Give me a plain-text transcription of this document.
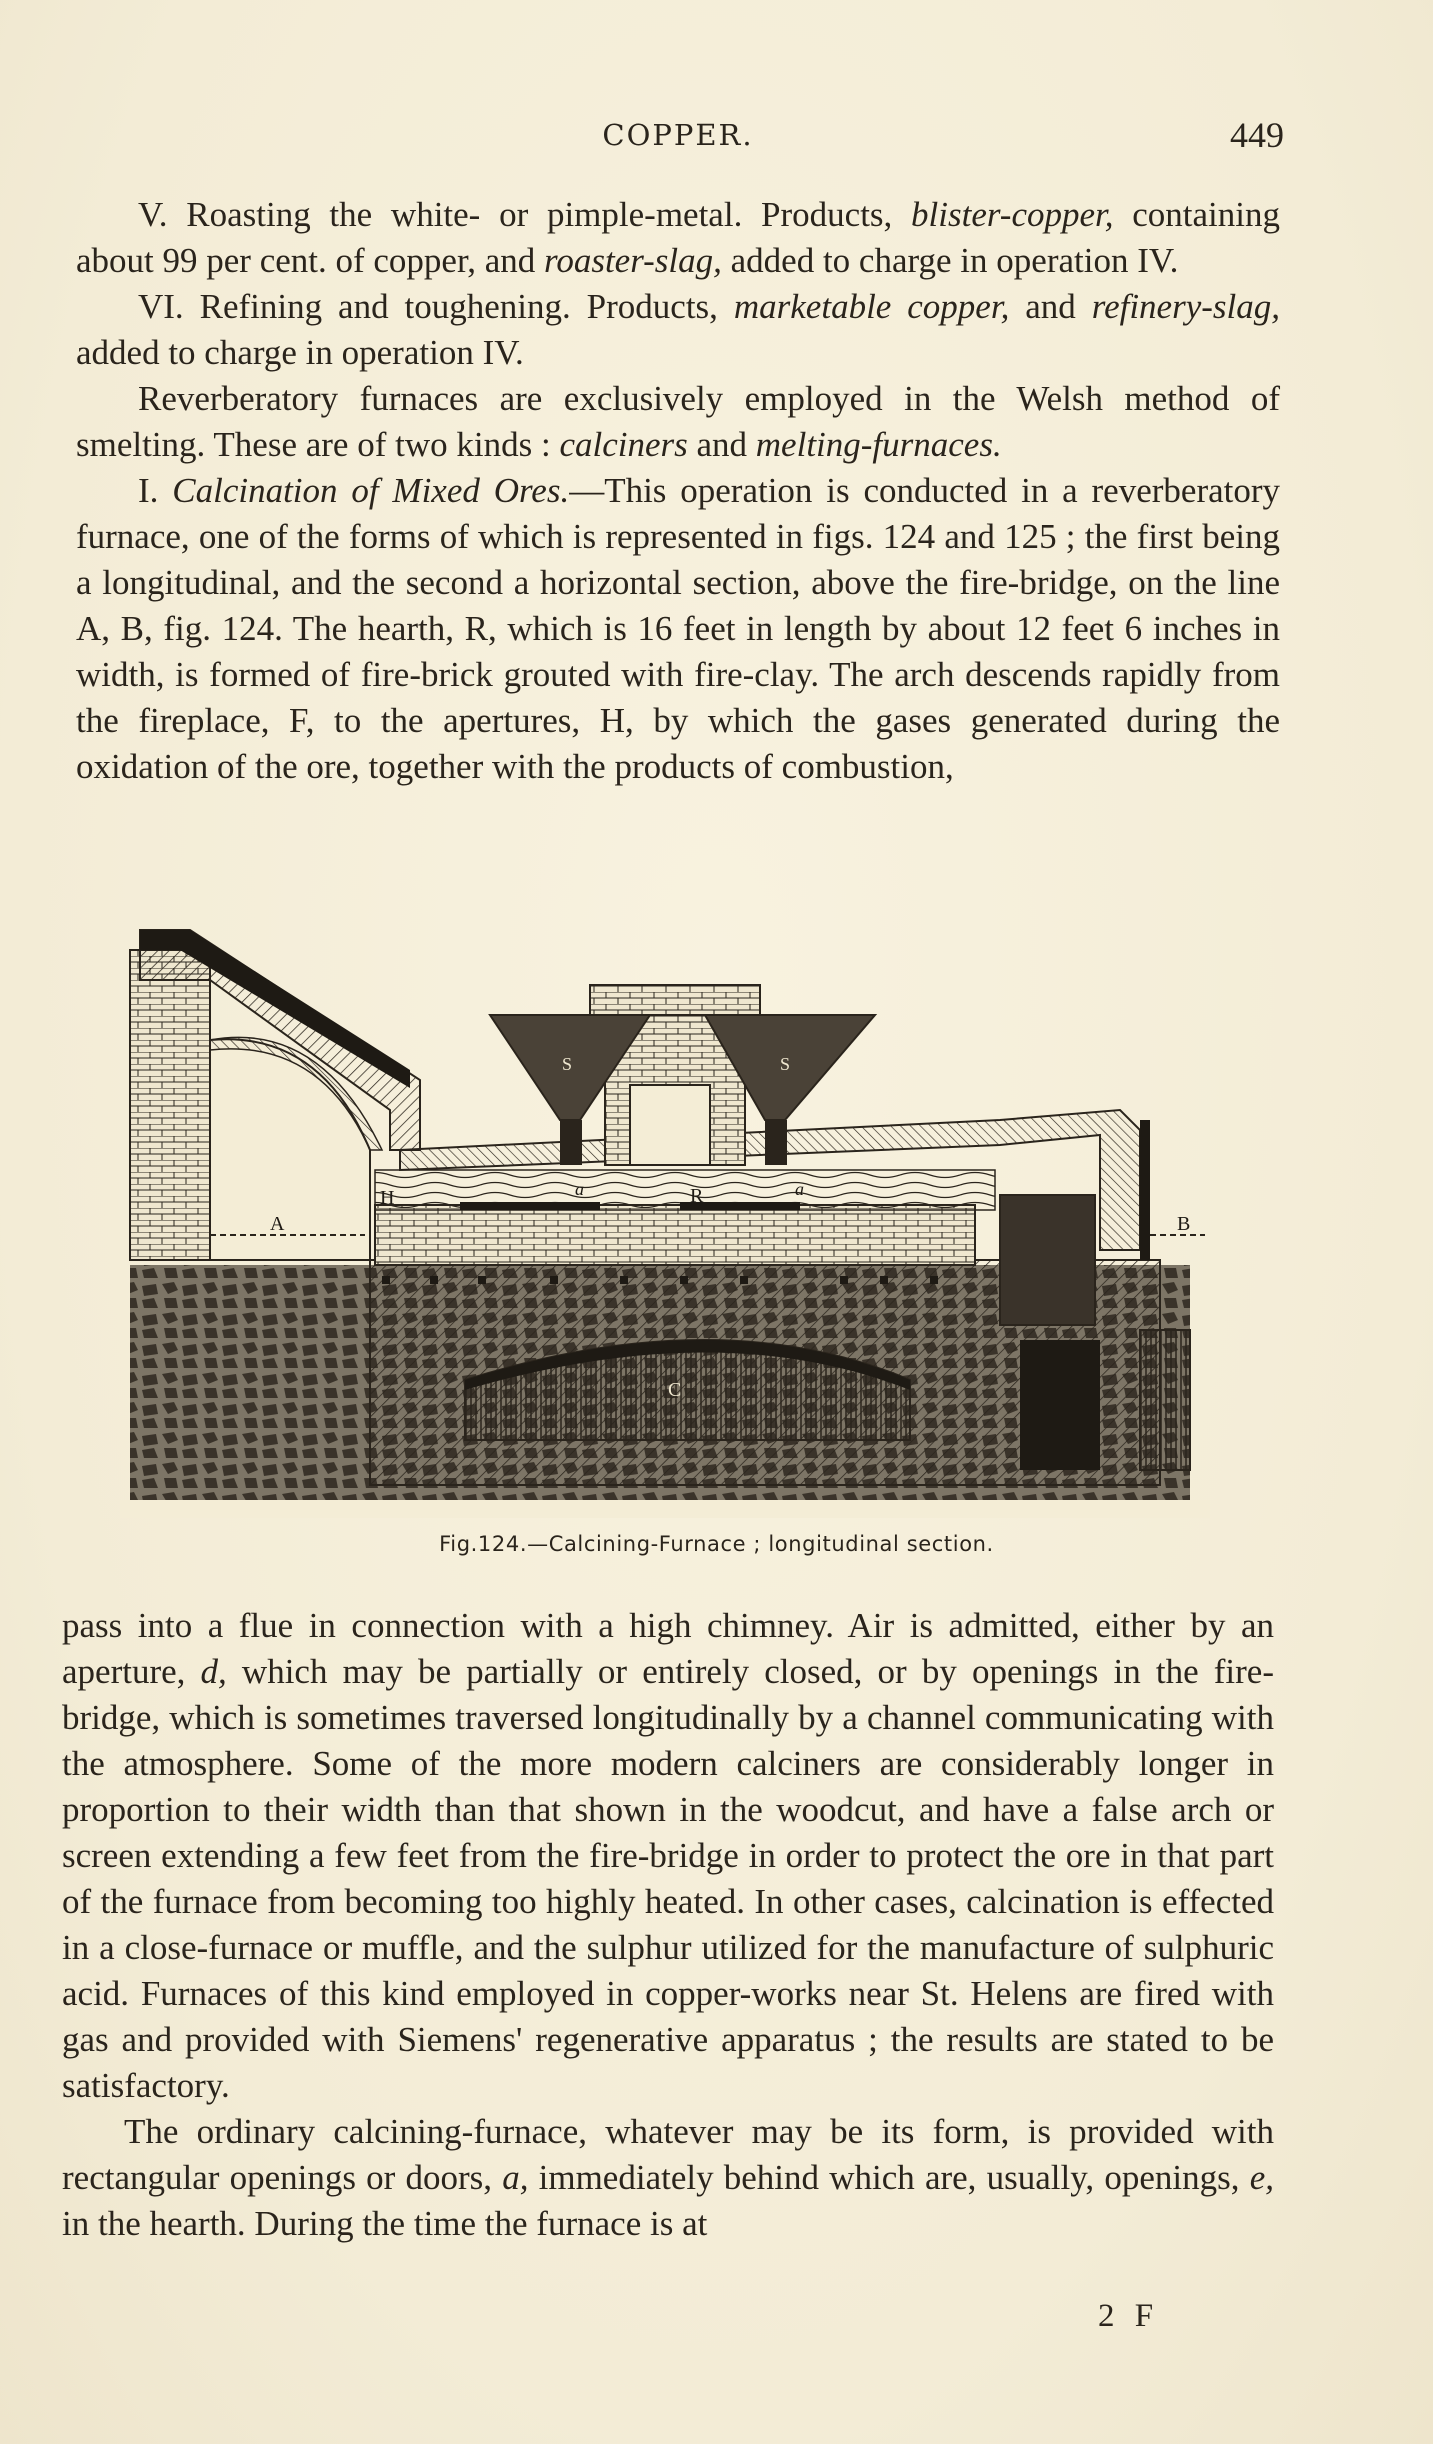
COPPER.	449

V. Roasting the white- or pimple-metal. Products, blister-copper, containing about 99 per cent. of copper, and roaster-slag, added to charge in operation IV.

VI. Refining and toughening. Products, marketable copper, and refinery-slag, added to charge in operation IV.

Reverberatory furnaces are exclusively employed in the Welsh method of smelting. These are of two kinds : calciners and melting-furnaces.

I. Calcination of Mixed Ores.—This operation is conducted in a reverberatory furnace, one of the forms of which is represented in figs. 124 and 125 ; the first being a longitudinal, and the second a horizontal section, above the fire-bridge, on the line A, B, fig. 124. The hearth, R, which is 16 feet in length by about 12 feet 6 inches in width, is formed of fire-brick grouted with fire-clay. The arch descends rapidly from the fireplace, F, to the apertures, H, by which the gases generated during the oxidation of the ore, together with the products of combustion,

A	B
S	S
H	a	R	a
C
Fig.124.—Calcining-Furnace ; longitudinal section.

pass into a flue in connection with a high chimney. Air is admitted, either by an aperture, d, which may be partially or entirely closed, or by openings in the fire-bridge, which is sometimes traversed longitudinally by a channel communicating with the atmosphere. Some of the more modern calciners are considerably longer in proportion to their width than that shown in the woodcut, and have a false arch or screen extending a few feet from the fire-bridge in order to protect the ore in that part of the furnace from becoming too highly heated. In other cases, calcination is effected in a close-furnace or muffle, and the sulphur utilized for the manufacture of sulphuric acid. Furnaces of this kind employed in copper-works near St. Helens are fired with gas and provided with Siemens' regenerative apparatus ; the results are stated to be satisfactory.

The ordinary calcining-furnace, whatever may be its form, is provided with rectangular openings or doors, a, immediately behind which are, usually, openings, e, in the hearth. During the time the furnace is at

2 F
